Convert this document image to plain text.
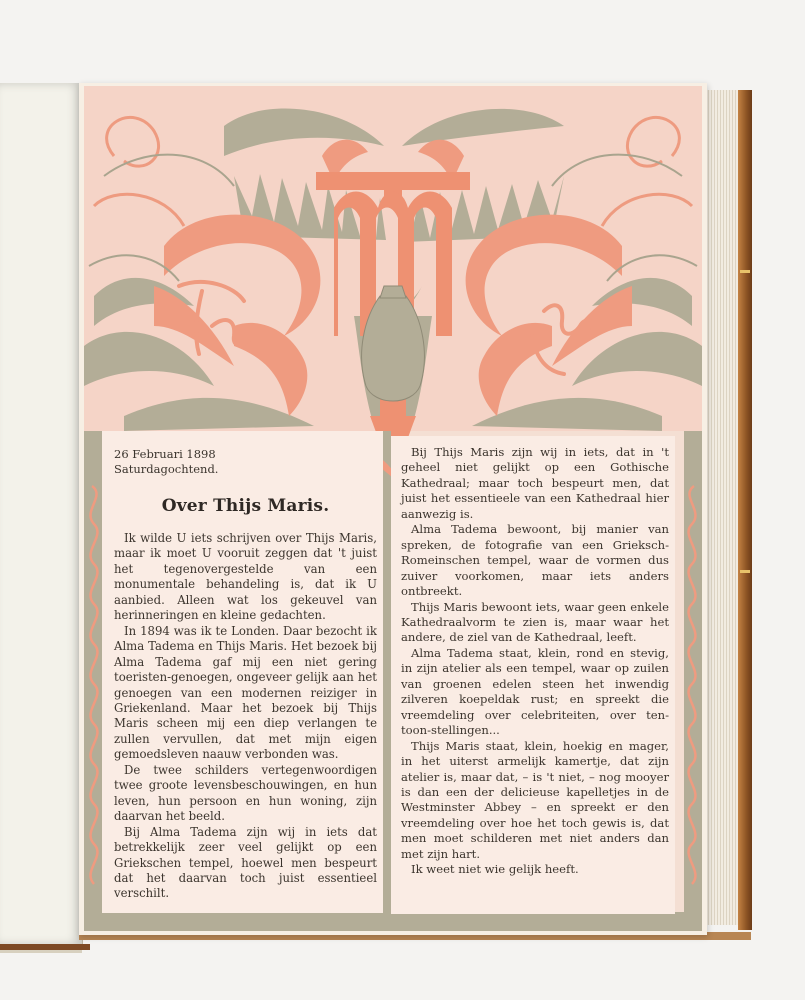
26 Februari 1898

Saturdagochtend.

Over Thijs Maris.

Ik wilde U iets schrijven over Thijs Maris, maar ik moet U vooruit zeggen dat 't juist het tegenovergestelde van een monumentale behandeling is, dat ik U aanbied. Alleen wat los gekeuvel van herinneringen en kleine gedachten.

In 1894 was ik te Londen. Daar bezocht ik Alma Tadema en Thijs Maris. Het bezoek bij Alma Tadema gaf mij een niet gering toeristen-genoegen, ongeveer gelijk aan het genoegen van een modernen reiziger in Griekenland. Maar het bezoek bij Thijs Maris scheen mij een diep verlangen te zullen vervullen, dat met mijn eigen gemoedsleven naauw verbonden was.

De twee schilders vertegenwoordigen twee groote levensbeschouwingen, en hun leven, hun persoon en hun woning, zijn daarvan het beeld.

Bij Alma Tadema zijn wij in iets dat betrekkelijk zeer veel gelijkt op een Griekschen tempel, hoewel men bespeurt dat het daarvan toch juist essentieel verschilt.

Bij Thijs Maris zijn wij in iets, dat in 't geheel niet gelijkt op een Gothische Kathedraal; maar toch bespeurt men, dat juist het essentieele van een Kathedraal hier aanwezig is.

Alma Tadema bewoont, bij manier van spreken, de fotografie van een Grieksch-Romeinschen tempel, waar de vormen dus zuiver voorkomen, maar iets anders ontbreekt.

Thijs Maris bewoont iets, waar geen enkele Kathedraalvorm te zien is, maar waar het andere, de ziel van de Kathedraal, leeft.

Alma Tadema staat, klein, rond en stevig, in zijn atelier als een tempel, waar op zuilen van groenen edelen steen het inwendig zilveren koepeldak rust; en spreekt die vreemdeling over celebriteiten, over ten-toon-stellingen...

Thijs Maris staat, klein, hoekig en mager, in het uiterst armelijk kamertje, dat zijn atelier is, maar dat, – is 't niet, – nog mooyer is dan een der delicieuse kapelletjes in de Westminster Abbey – en spreekt er den vreemdeling over hoe het toch gewis is, dat men moet schilderen met niet anders dan met zijn hart.

Ik weet niet wie gelijk heeft.
